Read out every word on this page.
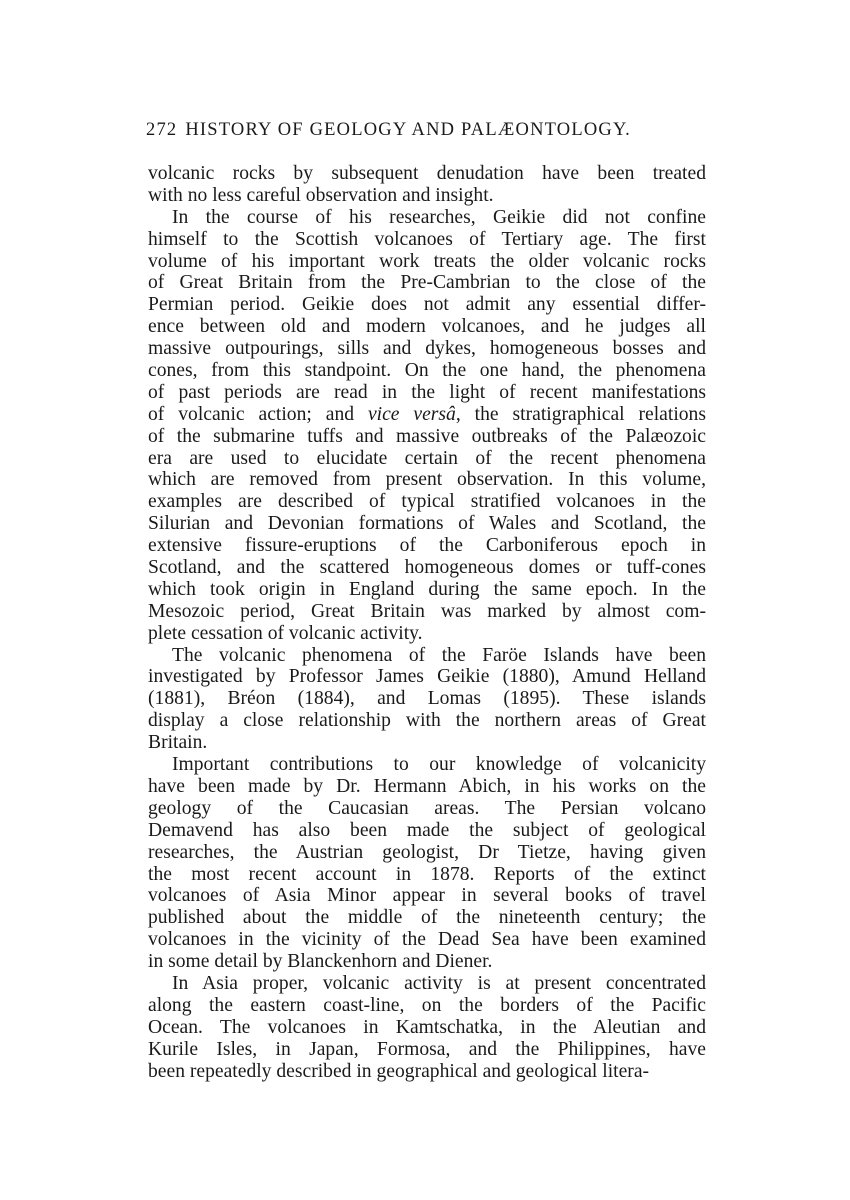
272 HISTORY OF GEOLOGY AND PALÆONTOLOGY.

volcanic rocks by subsequent denudation have been treated
with no less careful observation and insight.

In the course of his researches, Geikie did not confine
himself to the Scottish volcanoes of Tertiary age. The first
volume of his important work treats the older volcanic rocks
of Great Britain from the Pre-Cambrian to the close of the
Permian period. Geikie does not admit any essential differ-
ence between old and modern volcanoes, and he judges all
massive outpourings, sills and dykes, homogeneous bosses and
cones, from this standpoint. On the one hand, the phenomena
of past periods are read in the light of recent manifestations
of volcanic action; and vice versâ, the stratigraphical relations
of the submarine tuffs and massive outbreaks of the Palæozoic
era are used to elucidate certain of the recent phenomena
which are removed from present observation. In this volume,
examples are described of typical stratified volcanoes in the
Silurian and Devonian formations of Wales and Scotland, the
extensive fissure-eruptions of the Carboniferous epoch in
Scotland, and the scattered homogeneous domes or tuff-cones
which took origin in England during the same epoch. In the
Mesozoic period, Great Britain was marked by almost com-
plete cessation of volcanic activity.

The volcanic phenomena of the Faröe Islands have been
investigated by Professor James Geikie (1880), Amund Helland
(1881), Bréon (1884), and Lomas (1895). These islands
display a close relationship with the northern areas of Great
Britain.

Important contributions to our knowledge of volcanicity
have been made by Dr. Hermann Abich, in his works on the
geology of the Caucasian areas. The Persian volcano
Demavend has also been made the subject of geological
researches, the Austrian geologist, Dr Tietze, having given
the most recent account in 1878. Reports of the extinct
volcanoes of Asia Minor appear in several books of travel
published about the middle of the nineteenth century; the
volcanoes in the vicinity of the Dead Sea have been examined
in some detail by Blanckenhorn and Diener.

In Asia proper, volcanic activity is at present concentrated
along the eastern coast-line, on the borders of the Pacific
Ocean. The volcanoes in Kamtschatka, in the Aleutian and
Kurile Isles, in Japan, Formosa, and the Philippines, have
been repeatedly described in geographical and geological litera-
